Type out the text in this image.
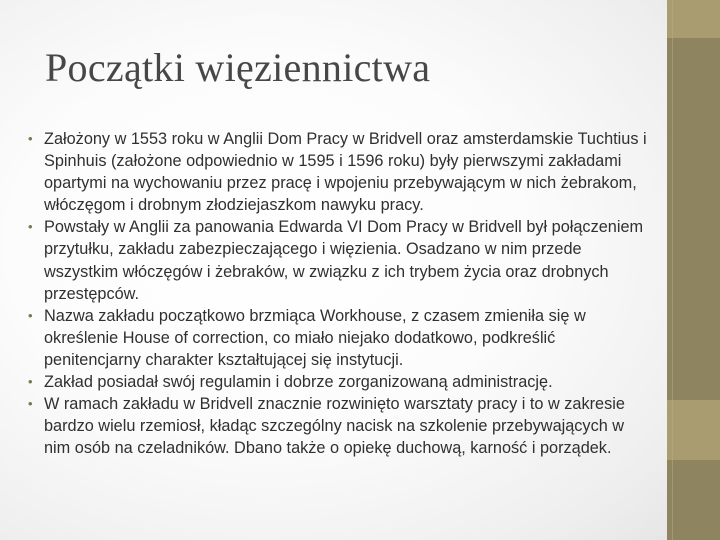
Początki więziennictwa
• Założony w 1553 roku w Anglii Dom Pracy w Bridvell oraz amsterdamskie Tuchtius i Spinhuis (założone odpowiednio w 1595 i 1596 roku) były pierwszymi zakładami opartymi na wychowaniu przez pracę i wpojeniu przebywającym w nich żebrakom, włóczęgom i drobnym złodziejaszkom nawyku pracy.
• Powstały w Anglii za panowania Edwarda VI Dom Pracy w Bridvell był połączeniem przytułku, zakładu zabezpieczającego i więzienia. Osadzano w nim przede wszystkim włóczęgów i żebraków, w związku z ich trybem życia oraz drobnych przestępców.
• Nazwa zakładu początkowo brzmiąca Workhouse, z czasem zmieniła się w określenie House of correction, co miało niejako dodatkowo, podkreślić penitencjarny charakter kształtującej się instytucji.
• Zakład posiadał swój regulamin i dobrze zorganizowaną administrację.
• W ramach zakładu w Bridvell znacznie rozwinięto warsztaty pracy i to w zakresie bardzo wielu rzemiosł, kładąc szczególny nacisk na szkolenie przebywających w nim osób na czeladników. Dbano także o opiekę duchową, karność i porządek.
